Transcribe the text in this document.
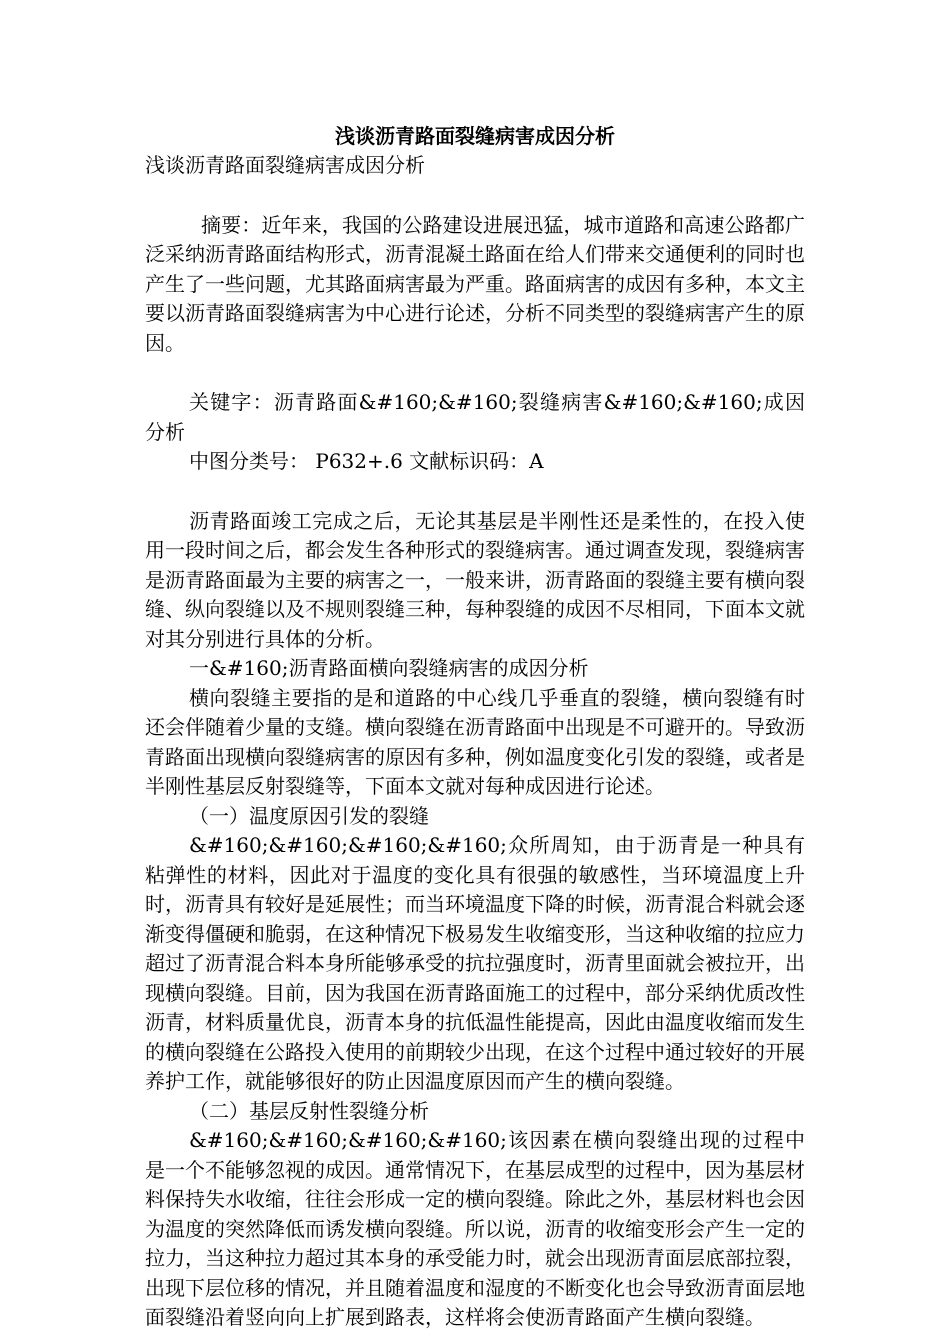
浅谈沥青路面裂缝病害成因分析

浅谈沥青路面裂缝病害成因分析

摘要：近年来，我国的公路建设进展迅猛，城市道路和高速公路都广泛采纳沥青路面结构形式，沥青混凝土路面在给人们带来交通便利的同时也产生了一些问题，尤其路面病害最为严重。路面病害的成因有多种，本文主要以沥青路面裂缝病害为中心进行论述，分析不同类型的裂缝病害产生的原因。

关键字：沥青路面&#160;&#160;裂缝病害&#160;&#160;成因分析

中图分类号： P632+.6 文献标识码：A

沥青路面竣工完成之后，无论其基层是半刚性还是柔性的，在投入使用一段时间之后，都会发生各种形式的裂缝病害。通过调查发现，裂缝病害是沥青路面最为主要的病害之一，一般来讲，沥青路面的裂缝主要有横向裂缝、纵向裂缝以及不规则裂缝三种，每种裂缝的成因不尽相同，下面本文就对其分别进行具体的分析。

一&#160;沥青路面横向裂缝病害的成因分析

横向裂缝主要指的是和道路的中心线几乎垂直的裂缝，横向裂缝有时还会伴随着少量的支缝。横向裂缝在沥青路面中出现是不可避开的。导致沥青路面出现横向裂缝病害的原因有多种，例如温度变化引发的裂缝，或者是半刚性基层反射裂缝等，下面本文就对每种成因进行论述。

（一）温度原因引发的裂缝

&#160;&#160;&#160;&#160;众所周知，由于沥青是一种具有粘弹性的材料，因此对于温度的变化具有很强的敏感性，当环境温度上升时，沥青具有较好是延展性；而当环境温度下降的时候，沥青混合料就会逐渐变得僵硬和脆弱，在这种情况下极易发生收缩变形，当这种收缩的拉应力超过了沥青混合料本身所能够承受的抗拉强度时，沥青里面就会被拉开，出现横向裂缝。目前，因为我国在沥青路面施工的过程中，部分采纳优质改性沥青，材料质量优良，沥青本身的抗低温性能提高，因此由温度收缩而发生的横向裂缝在公路投入使用的前期较少出现，在这个过程中通过较好的开展养护工作，就能够很好的防止因温度原因而产生的横向裂缝。

（二）基层反射性裂缝分析

&#160;&#160;&#160;&#160;该因素在横向裂缝出现的过程中是一个不能够忽视的成因。通常情况下，在基层成型的过程中，因为基层材料保持失水收缩，往往会形成一定的横向裂缝。除此之外，基层材料也会因为温度的突然降低而诱发横向裂缝。所以说，沥青的收缩变形会产生一定的拉力，当这种拉力超过其本身的承受能力时，就会出现沥青面层底部拉裂，出现下层位移的情况，并且随着温度和湿度的不断变化也会导致沥青面层地面裂缝沿着竖向向上扩展到路表，这样将会使沥青路面产生横向裂缝。
